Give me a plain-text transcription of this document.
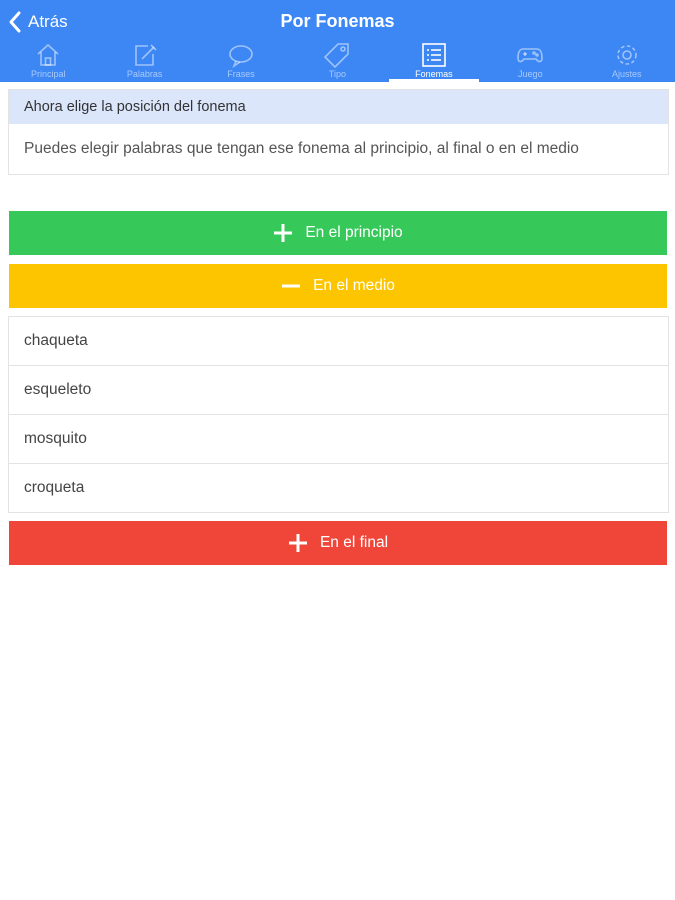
Atrás	Por Fonemas
Principal	Palabras	Frases	Tipo	Fonemas	Juego	Ajustes
Ahora elige la posición del fonema
Puedes elegir palabras que tengan ese fonema al principio, al final o en el medio
En el principio
En el medio
chaqueta
esqueleto
mosquito
croqueta
En el final
